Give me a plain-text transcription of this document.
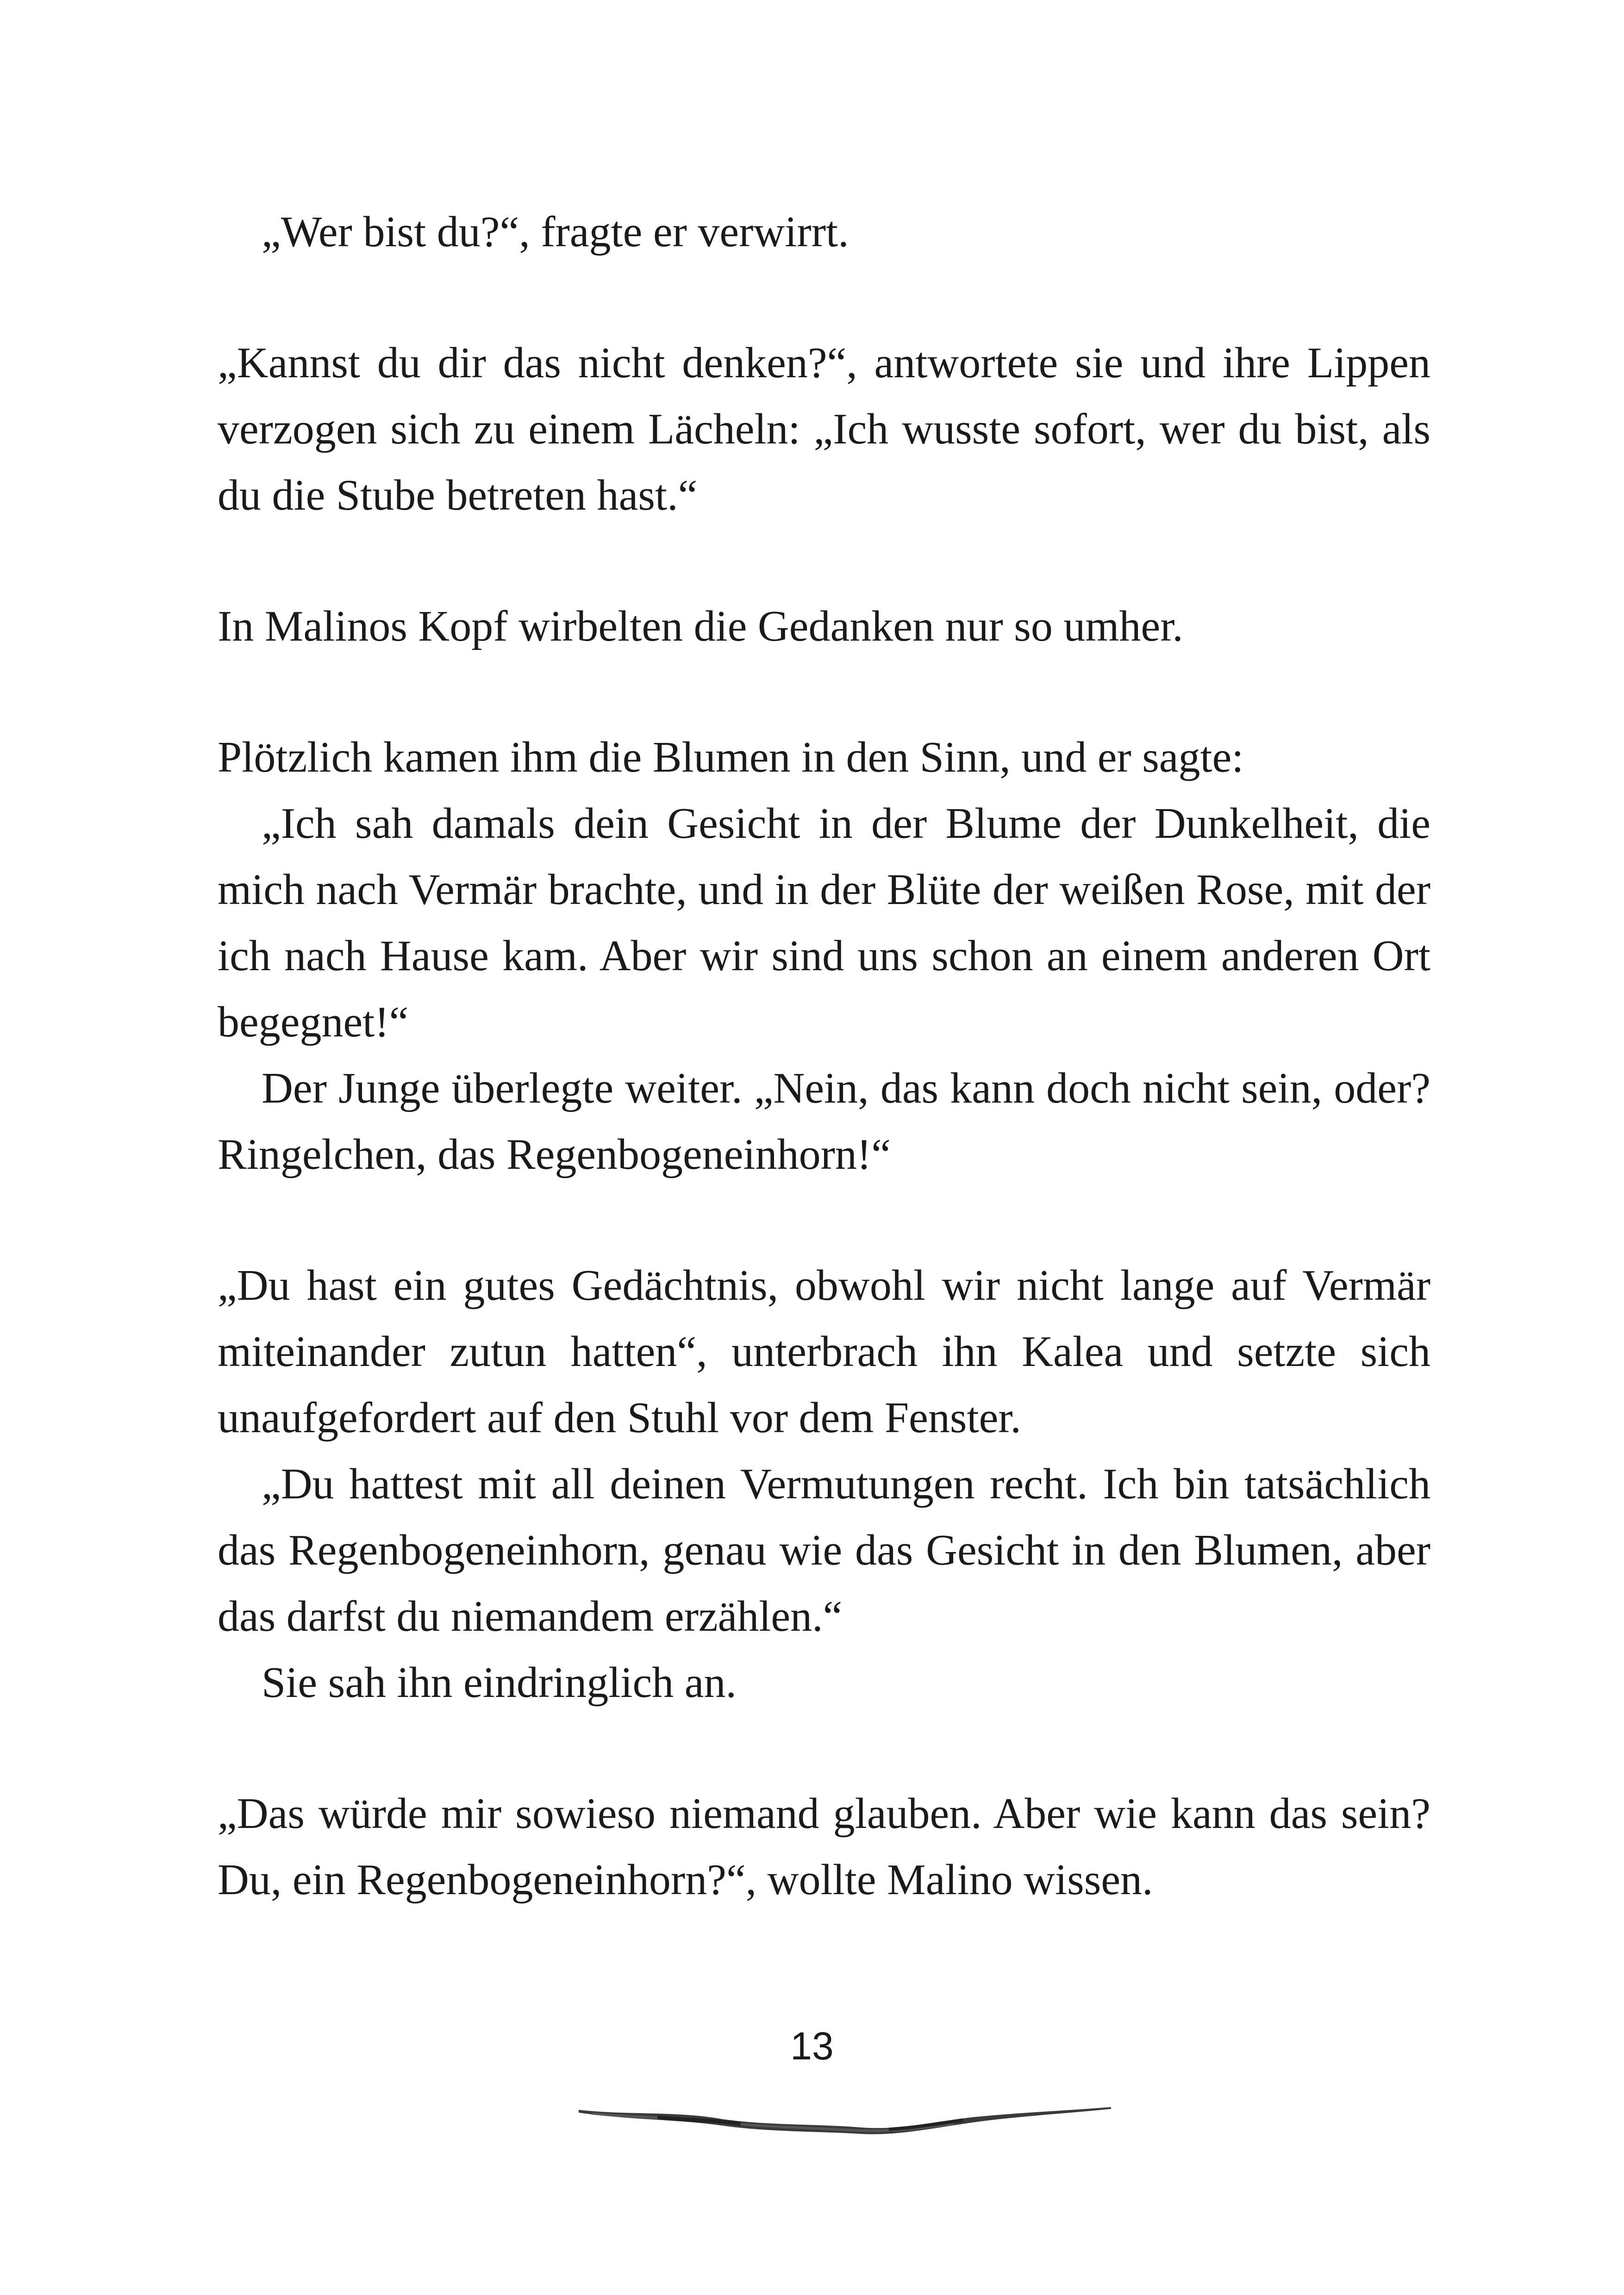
„Wer bist du?“, fragte er verwirrt.

„Kannst du dir das nicht denken?“, antwortete sie und ihre Lippen verzogen sich zu einem Lächeln: „Ich wusste sofort, wer du bist, als du die Stube betreten hast.“

In Malinos Kopf wirbelten die Gedanken nur so umher.

Plötzlich kamen ihm die Blumen in den Sinn, und er sagte:

„Ich sah damals dein Gesicht in der Blume der Dunkelheit, die mich nach Vermär brachte, und in der Blüte der weißen Rose, mit der ich nach Hause kam. Aber wir sind uns schon an einem anderen Ort begegnet!“

Der Junge überlegte weiter. „Nein, das kann doch nicht sein, oder? Ringelchen, das Regenbogeneinhorn!“

„Du hast ein gutes Gedächtnis, obwohl wir nicht lange auf Vermär miteinander zutun hatten“, unterbrach ihn Kalea und setzte sich unaufgefordert auf den Stuhl vor dem Fenster.

„Du hattest mit all deinen Vermutungen recht. Ich bin tatsächlich das Regenbogeneinhorn, genau wie das Gesicht in den Blumen, aber das darfst du niemandem erzählen.“

Sie sah ihn eindringlich an.

„Das würde mir sowieso niemand glauben. Aber wie kann das sein? Du, ein Regenbogeneinhorn?“, wollte Malino wissen.

13
